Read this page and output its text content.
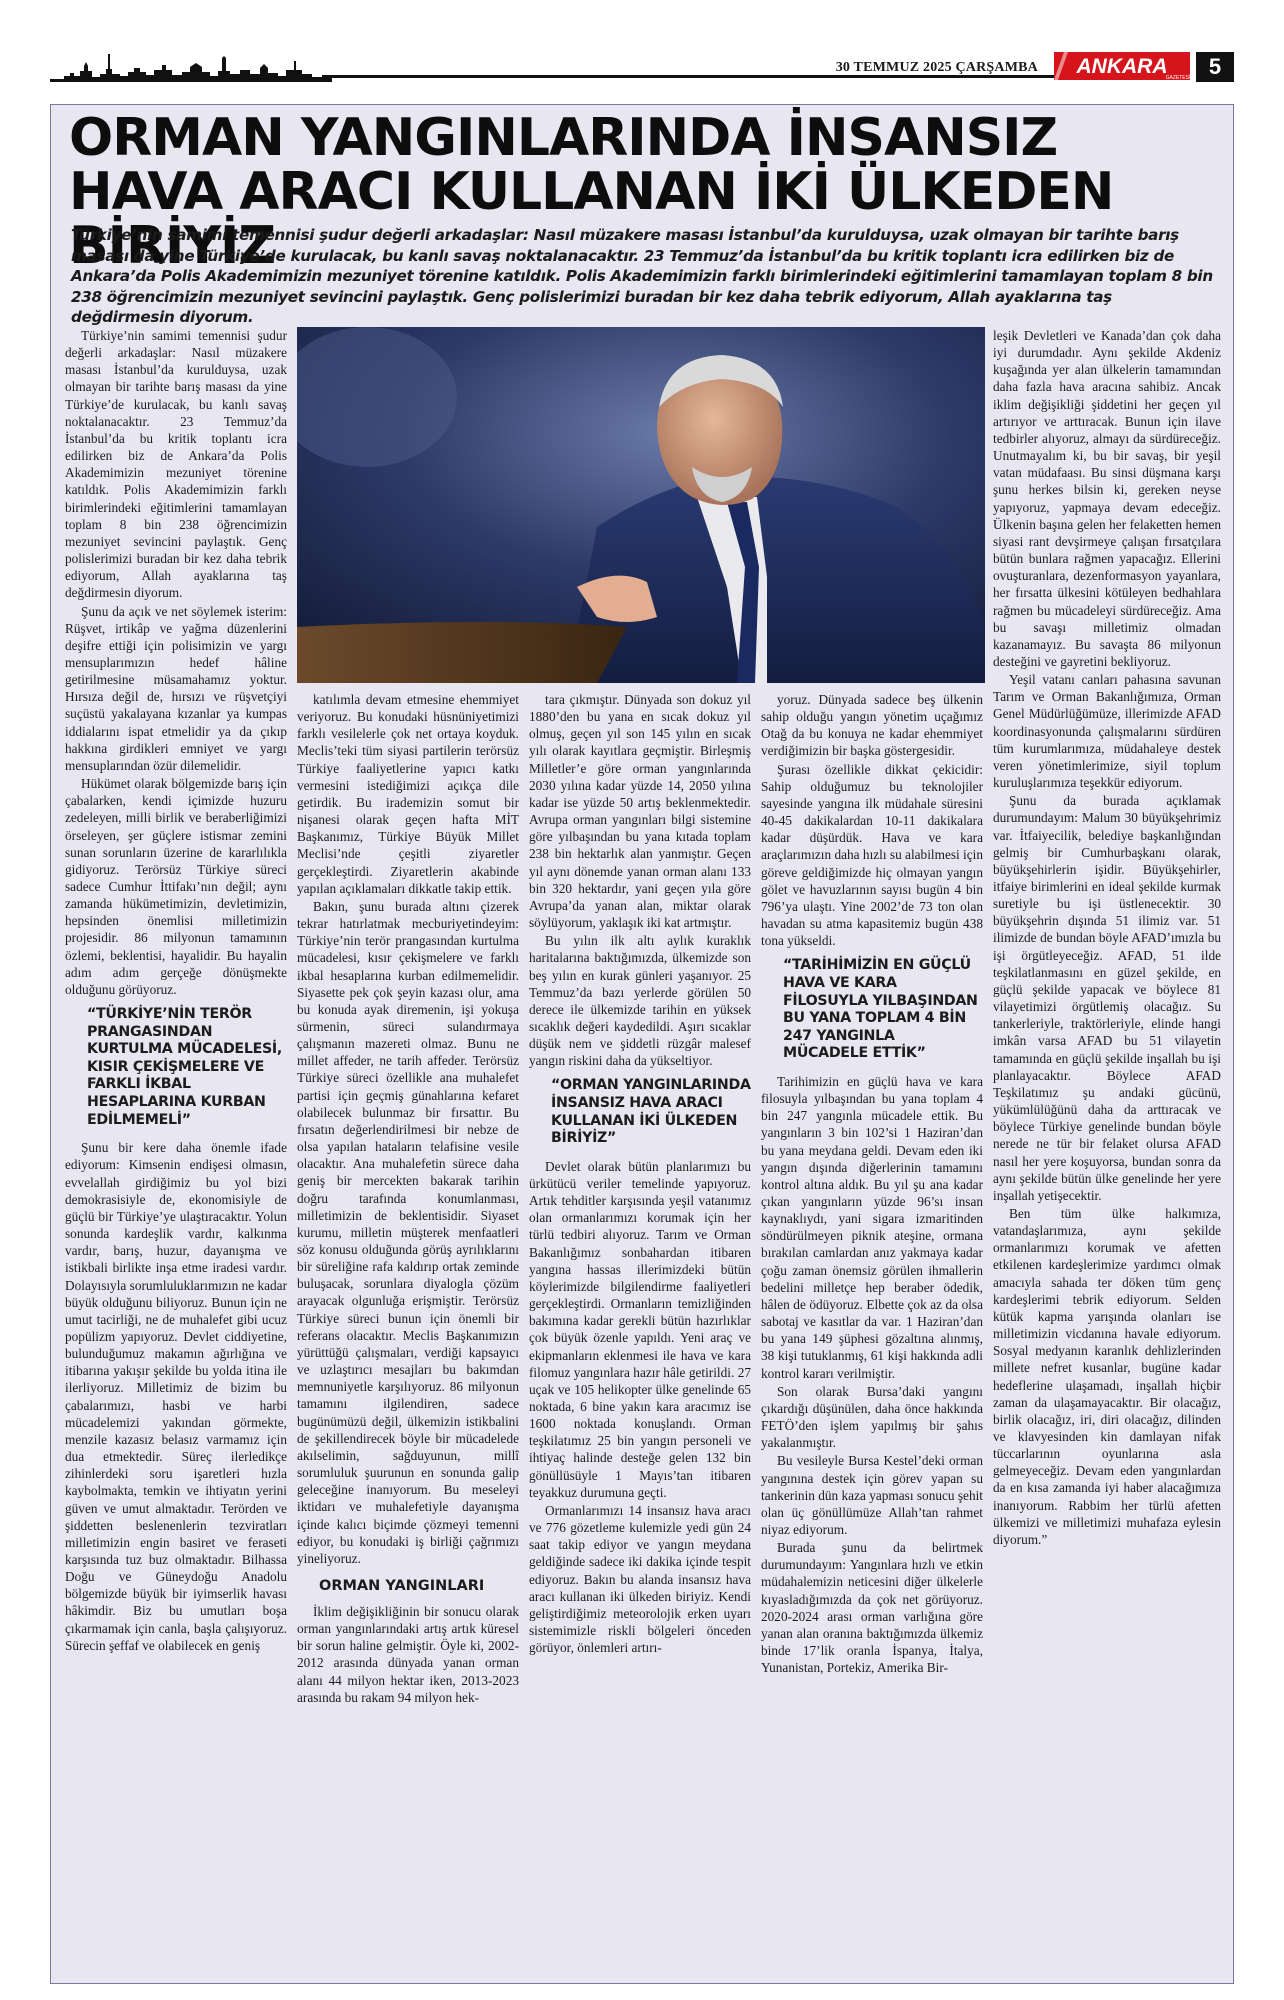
30 TEMMUZ 2025 ÇARŞAMBA ANKARA
GAZETESİ 5
ORMAN YANGINLARINDA İNSANSIZ HAVA ARACI KULLANAN İKİ ÜLKEDEN BİRİYİZ
Türkiye’nin samimi temennisi şudur değerli arkadaşlar: Nasıl müzakere masası İstanbul’da kurulduysa, uzak olmayan bir tarihte barış masası da yine Türkiye’de kurulacak, bu kanlı savaş noktalanacaktır. 23 Temmuz’da İstanbul’da bu kritik toplantı icra edilirken biz de Ankara’da Polis Akademimizin mezuniyet törenine katıldık. Polis Akademimizin farklı birimlerindeki eğitimlerini tamamlayan toplam 8 bin 238 öğrencimizin mezuniyet sevincini paylaştık. Genç polislerimizi buradan bir kez daha tebrik ediyorum, Allah ayaklarına taş değdirmesin diyorum.

Türkiye’nin samimi temennisi şudur değerli arkadaşlar: Nasıl müzakere masası İstanbul’da kurulduysa, uzak olmayan bir tarihte barış masası da yine Türkiye’de kurulacak, bu kanlı savaş noktalanacaktır. 23 Temmuz’da İstanbul’da bu kritik toplantı icra edilirken biz de Ankara’da Polis Akademimizin mezuniyet törenine katıldık. Polis Akademimizin farklı birimlerindeki eğitimlerini tamamlayan toplam 8 bin 238 öğrencimizin mezuniyet sevincini paylaştık. Genç polislerimizi buradan bir kez daha tebrik ediyorum, Allah ayaklarına taş değdirmesin diyorum.

Şunu da açık ve net söylemek isterim: Rüşvet, irtikâp ve yağma düzenlerini deşifre ettiği için polisimizin ve yargı mensuplarımızın hedef hâline getirilmesine müsamahamız yoktur. Hırsıza değil de, hırsızı ve rüşvetçiyi suçüstü yakalayana kızanlar ya kumpas iddialarını ispat etmelidir ya da çıkıp hakkına girdikleri emniyet ve yargı mensuplarından özür dilemelidir.

Hükümet olarak bölgemizde barış için çabalarken, kendi içimizde huzuru zedeleyen, milli birlik ve beraberliğimizi örseleyen, şer güçlere istismar zemini sunan sorunların üzerine de kararlılıkla gidiyoruz. Terörsüz Türkiye süreci sadece Cumhur İttifakı’nın değil; aynı zamanda hükümetimizin, devletimizin, hepsinden önemlisi milletimizin projesidir. 86 milyonun tamamının özlemi, beklentisi, hayalidir. Bu hayalin adım adım gerçeğe dönüşmekte olduğunu görüyoruz.

“TÜRKİYE’NİN TERÖR PRANGASINDAN KURTULMA MÜCADELESİ, KISIR ÇEKİŞMELERE VE FARKLI İKBAL HESAPLARINA KURBAN EDİLMEMELİ”

Şunu bir kere daha önemle ifade ediyorum: Kimsenin endişesi olmasın, evvelallah girdiğimiz bu yol bizi demokrasisiyle de, ekonomisiyle de güçlü bir Türkiye’ye ulaştıracaktır. Yolun sonunda kardeşlik vardır, kalkınma vardır, barış, huzur, dayanışma ve istikbali birlikte inşa etme iradesi vardır. Dolayısıyla sorumluluklarımızın ne kadar büyük olduğunu biliyoruz. Bunun için ne umut tacirliği, ne de muhalefet gibi ucuz popülizm yapıyoruz. Devlet ciddiyetine, bulunduğumuz makamın ağırlığına ve itibarına yakışır şekilde bu yolda itina ile ilerliyoruz. Milletimiz de bizim bu çabalarımızı, hasbi ve harbi mücadelemizi yakından görmekte, menzile kazasız belasız varmamız için dua etmektedir. Süreç ilerledikçe zihinlerdeki soru işaretleri hızla kaybolmakta, temkin ve ihtiyatın yerini güven ve umut almaktadır. Terörden ve şiddetten beslenenlerin tezviratları milletimizin engin basiret ve feraseti karşısında tuz buz olmaktadır. Bilhassa Doğu ve Güneydoğu Anadolu bölgemizde büyük bir iyimserlik havası hâkimdir. Biz bu umutları boşa çıkarmamak için canla, başla çalışıyoruz. Sürecin şeffaf ve olabilecek en geniş

katılımla devam etmesine ehemmiyet veriyoruz. Bu konudaki hüsnüniyetimizi farklı vesilelerle çok net ortaya koyduk. Meclis’teki tüm siyasi partilerin terörsüz Türkiye faaliyetlerine yapıcı katkı vermesini istediğimizi açıkça dile getirdik. Bu irademizin somut bir nişanesi olarak geçen hafta MİT Başkanımız, Türkiye Büyük Millet Meclisi’nde çeşitli ziyaretler gerçekleştirdi. Ziyaretlerin akabinde yapılan açıklamaları dikkatle takip ettik.

Bakın, şunu burada altını çizerek tekrar hatırlatmak mecburiyetindeyim: Türkiye’nin terör prangasından kurtulma mücadelesi, kısır çekişmelere ve farklı ikbal hesaplarına kurban edilmemelidir. Siyasette pek çok şeyin kazası olur, ama bu konuda ayak diremenin, işi yokuşa sürmenin, süreci sulandırmaya çalışmanın mazereti olmaz. Bunu ne millet affeder, ne tarih affeder. Terörsüz Türkiye süreci özellikle ana muhalefet partisi için geçmiş günahlarına kefaret olabilecek bulunmaz bir fırsattır. Bu fırsatın değerlendirilmesi bir nebze de olsa yapılan hataların telafisine vesile olacaktır. Ana muhalefetin sürece daha geniş bir mercekten bakarak tarihin doğru tarafında konumlanması, milletimizin de beklentisidir. Siyaset kurumu, milletin müşterek menfaatleri söz konusu olduğunda görüş ayrılıklarını bir süreliğine rafa kaldırıp ortak zeminde buluşacak, sorunlara diyalogla çözüm arayacak olgunluğa erişmiştir. Terörsüz Türkiye süreci bunun için önemli bir referans olacaktır. Meclis Başkanımızın yürüttüğü çalışmaları, verdiği kapsayıcı ve uzlaştırıcı mesajları bu bakımdan memnuniyetle karşılıyoruz. 86 milyonun tamamını ilgilendiren, sadece bugünümüzü değil, ülkemizin istikbalini de şekillendirecek böyle bir mücadelede akılselimin, sağduyunun, millî sorumluluk şuurunun en sonunda galip geleceğine inanıyorum. Bu meseleyi iktidarı ve muhalefetiyle dayanışma içinde kalıcı biçimde çözmeyi temenni ediyor, bu konudaki iş birliği çağrımızı yineliyoruz.

ORMAN YANGINLARI

İklim değişikliğinin bir sonucu olarak orman yangınlarındaki artış artık küresel bir sorun haline gelmiştir. Öyle ki, 2002-2012 arasında dünyada yanan orman alanı 44 milyon hektar iken, 2013-2023 arasında bu rakam 94 milyon hek-

tara çıkmıştır. Dünyada son dokuz yıl 1880’den bu yana en sıcak dokuz yıl olmuş, geçen yıl son 145 yılın en sıcak yılı olarak kayıtlara geçmiştir. Birleşmiş Milletler’e göre orman yangınlarında 2030 yılına kadar yüzde 14, 2050 yılına kadar ise yüzde 50 artış beklenmektedir. Avrupa orman yangınları bilgi sistemine göre yılbaşından bu yana kıtada toplam 238 bin hektarlık alan yanmıştır. Geçen yıl aynı dönemde yanan orman alanı 133 bin 320 hektardır, yani geçen yıla göre Avrupa’da yanan alan, miktar olarak söylüyorum, yaklaşık iki kat artmıştır.

Bu yılın ilk altı aylık kuraklık haritalarına baktığımızda, ülkemizde son beş yılın en kurak günleri yaşanıyor. 25 Temmuz’da bazı yerlerde görülen 50 derece ile ülkemizde tarihin en yüksek sıcaklık değeri kaydedildi. Aşırı sıcaklar düşük nem ve şiddetli rüzgâr malesef yangın riskini daha da yükseltiyor.

“ORMAN YANGINLARINDA İNSANSIZ HAVA ARACI KULLANAN İKİ ÜLKEDEN BİRİYİZ”

Devlet olarak bütün planlarımızı bu ürkütücü veriler temelinde yapıyoruz. Artık tehditler karşısında yeşil vatanımız olan ormanlarımızı korumak için her türlü tedbiri alıyoruz. Tarım ve Orman Bakanlığımız sonbahardan itibaren yangına hassas illerimizdeki bütün köylerimizde bilgilendirme faaliyetleri gerçekleştirdi. Ormanların temizliğinden bakımına kadar gerekli bütün hazırlıklar çok büyük özenle yapıldı. Yeni araç ve ekipmanların eklenmesi ile hava ve kara filomuz yangınlara hazır hâle getirildi. 27 uçak ve 105 helikopter ülke genelinde 65 noktada, 6 bine yakın kara aracımız ise 1600 noktada konuşlandı. Orman teşkilatımız 25 bin yangın personeli ve ihtiyaç halinde desteğe gelen 132 bin gönüllüsüyle 1 Mayıs’tan itibaren teyakkuz durumuna geçti.

Ormanlarımızı 14 insansız hava aracı ve 776 gözetleme kulemizle yedi gün 24 saat takip ediyor ve yangın meydana geldiğinde sadece iki dakika içinde tespit ediyoruz. Bakın bu alanda insansız hava aracı kullanan iki ülkeden biriyiz. Kendi geliştirdiğimiz meteorolojik erken uyarı sistemimizle riskli bölgeleri önceden görüyor, önlemleri artırı-

yoruz. Dünyada sadece beş ülkenin sahip olduğu yangın yönetim uçağımız Otağ da bu konuya ne kadar ehemmiyet verdiğimizin bir başka göstergesidir.

Şurası özellikle dikkat çekicidir: Sahip olduğumuz bu teknolojiler sayesinde yangına ilk müdahale süresini 40-45 dakikalardan 10-11 dakikalara kadar düşürdük. Hava ve kara araçlarımızın daha hızlı su alabilmesi için göreve geldiğimizde hiç olmayan yangın gölet ve havuzlarının sayısı bugün 4 bin 796’ya ulaştı. Yine 2002’de 73 ton olan havadan su atma kapasitemiz bugün 438 tona yükseldi.

“TARİHİMİZİN EN GÜÇLÜ HAVA VE KARA FİLOSUYLA YILBAŞINDAN BU YANA TOPLAM 4 BİN 247 YANGINLA MÜCADELE ETTİK”

Tarihimizin en güçlü hava ve kara filosuyla yılbaşından bu yana toplam 4 bin 247 yangınla mücadele ettik. Bu yangınların 3 bin 102’si 1 Haziran’dan bu yana meydana geldi. Devam eden iki yangın dışında diğerlerinin tamamını kontrol altına aldık. Bu yıl şu ana kadar çıkan yangınların yüzde 96’sı insan kaynaklıydı, yani sigara izmaritinden söndürülmeyen piknik ateşine, ormana bırakılan camlardan anız yakmaya kadar çoğu zaman önemsiz görülen ihmallerin bedelini milletçe hep beraber ödedik, hâlen de ödüyoruz. Elbette çok az da olsa sabotaj ve kasıtlar da var. 1 Haziran’dan bu yana 149 şüphesi gözaltına alınmış, 38 kişi tutuklanmış, 61 kişi hakkında adli kontrol kararı verilmiştir.

Son olarak Bursa’daki yangını çıkardığı düşünülen, daha önce hakkında FETÖ’den işlem yapılmış bir şahıs yakalanmıştır.

Bu vesileyle Bursa Kestel’deki orman yangınına destek için görev yapan su tankerinin dün kaza yapması sonucu şehit olan üç gönüllümüze Allah’tan rahmet niyaz ediyorum.

Burada şunu da belirtmek durumundayım: Yangınlara hızlı ve etkin müdahalemizin neticesini diğer ülkelerle kıyasladığımızda da çok net görüyoruz. 2020-2024 arası orman varlığına göre yanan alan oranına baktığımızda ülkemiz binde 17’lik oranla İspanya, İtalya, Yunanistan, Portekiz, Amerika Bir-

leşik Devletleri ve Kanada’dan çok daha iyi durumdadır. Aynı şekilde Akdeniz kuşağında yer alan ülkelerin tamamından daha fazla hava aracına sahibiz. Ancak iklim değişikliği şiddetini her geçen yıl artırıyor ve arttıracak. Bunun için ilave tedbirler alıyoruz, almayı da sürdüreceğiz. Unutmayalım ki, bu bir savaş, bir yeşil vatan müdafaası. Bu sinsi düşmana karşı şunu herkes bilsin ki, gereken neyse yapıyoruz, yapmaya devam edeceğiz. Ülkenin başına gelen her felaketten hemen siyasi rant devşirmeye çalışan fırsatçılara bütün bunlara rağmen yapacağız. Ellerini ovuşturanlara, dezenformasyon yayanlara, her fırsatta ülkesini kötüleyen bedhahlara rağmen bu mücadeleyi sürdüreceğiz. Ama bu savaşı milletimiz olmadan kazanamayız. Bu savaşta 86 milyonun desteğini ve gayretini bekliyoruz.

Yeşil vatanı canları pahasına savunan Tarım ve Orman Bakanlığımıza, Orman Genel Müdürlüğümüze, illerimizde AFAD koordinasyonunda çalışmalarını sürdüren tüm kurumlarımıza, müdahaleye destek veren yönetimlerimize, siyil toplum kuruluşlarımıza teşekkür ediyorum.

Şunu da burada açıklamak durumundayım: Malum 30 büyükşehrimiz var. İtfaiyecilik, belediye başkanlığından gelmiş bir Cumhurbaşkanı olarak, büyükşehirlerin işidir. Büyükşehirler, itfaiye birimlerini en ideal şekilde kurmak suretiyle bu işi üstlenecektir. 30 büyükşehrin dışında 51 ilimiz var. 51 ilimizde de bundan böyle AFAD’ımızla bu işi örgütleyeceğiz. AFAD, 51 ilde teşkilatlanmasını en güzel şekilde, en güçlü şekilde yapacak ve böylece 81 vilayetimizi örgütlemiş olacağız. Su tankerleriyle, traktörleriyle, elinde hangi imkân varsa AFAD bu 51 vilayetin tamamında en güçlü şekilde inşallah bu işi planlayacaktır. Böylece AFAD Teşkilatımız şu andaki gücünü, yükümlülüğünü daha da arttıracak ve böylece Türkiye genelinde bundan böyle nerede ne tür bir felaket olursa AFAD nasıl her yere koşuyorsa, bundan sonra da aynı şekilde bütün ülke genelinde her yere inşallah yetişecektir.

Ben tüm ülke halkımıza, vatandaşlarımıza, aynı şekilde ormanlarımızı korumak ve afetten etkilenen kardeşlerimize yardımcı olmak amacıyla sahada ter döken tüm genç kardeşlerimi tebrik ediyorum. Selden kütük kapma yarışında olanları ise milletimizin vicdanına havale ediyorum. Sosyal medyanın karanlık dehlizlerinden millete nefret kusanlar, bugüne kadar hedeflerine ulaşamadı, inşallah hiçbir zaman da ulaşamayacaktır. Bir olacağız, birlik olacağız, iri, diri olacağız, dilinden ve klavyesinden kin damlayan nifak tüccarlarının oyunlarına asla gelmeyeceğiz. Devam eden yangınlardan da en kısa zamanda iyi haber alacağımıza inanıyorum. Rabbim her türlü afetten ülkemizi ve milletimizi muhafaza eylesin diyorum.”
